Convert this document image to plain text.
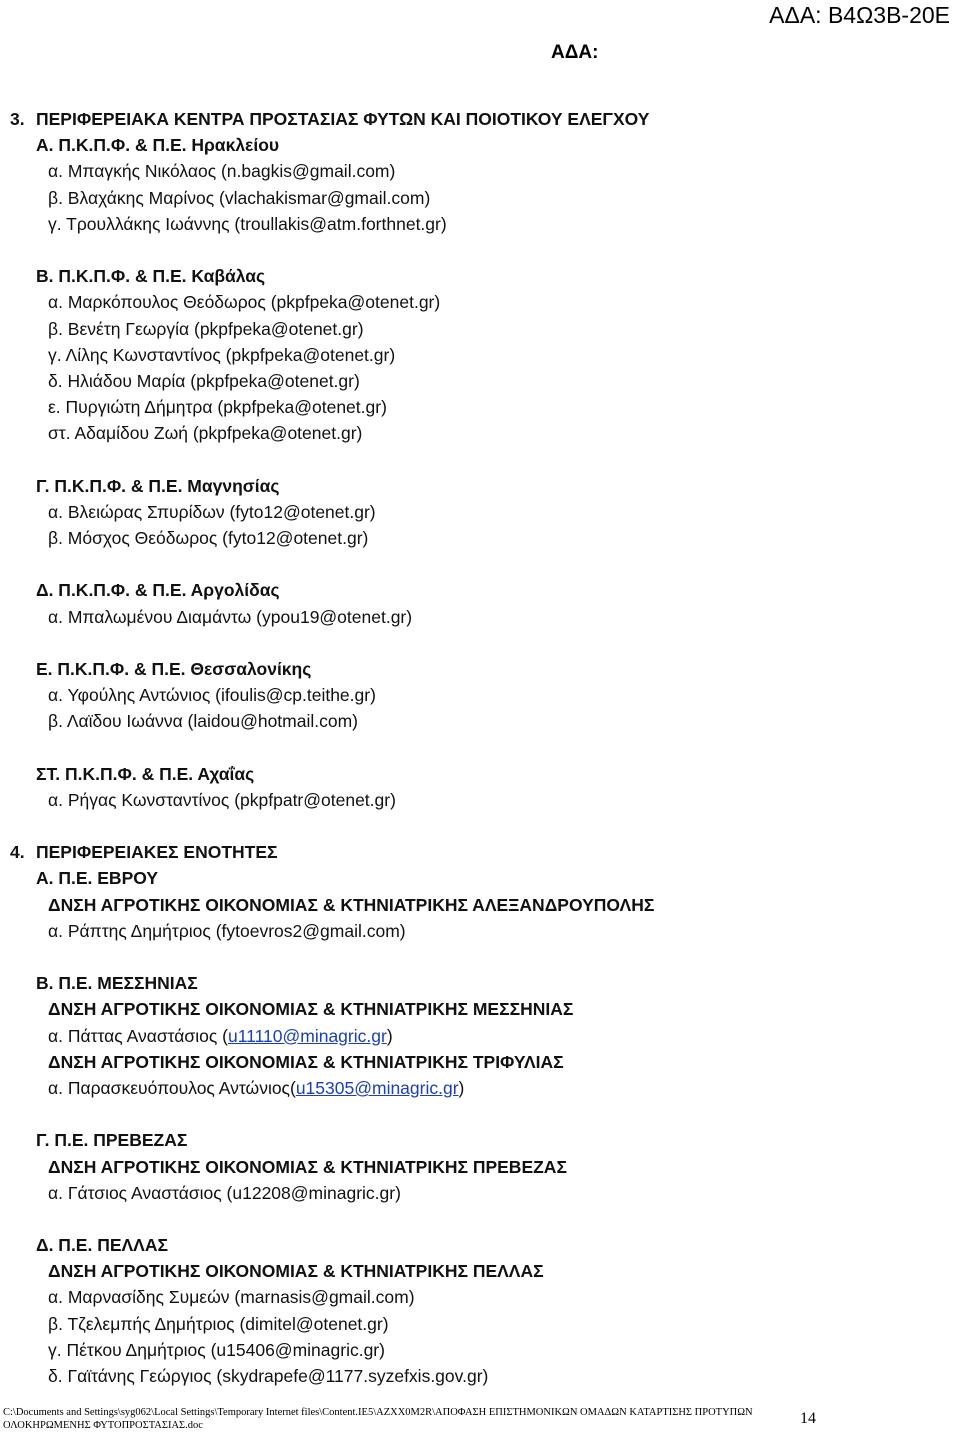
ΑΔΑ: Β4Ω3Β-20Ε
ΑΔΑ:
3. ΠΕΡΙΦΕΡΕΙΑΚΑ ΚΕΝΤΡΑ ΠΡΟΣΤΑΣΙΑΣ ΦΥΤΩΝ ΚΑΙ ΠΟΙΟΤΙΚΟΥ ΕΛΕΓΧΟΥ
Α. Π.Κ.Π.Φ. & Π.Ε. Ηρακλείου
α. Μπαγκής Νικόλαος (n.bagkis@gmail.com)
β. Βλαχάκης Μαρίνος (vlachakismar@gmail.com)
γ. Τρουλλάκης Ιωάννης (troullakis@atm.forthnet.gr)
Β. Π.Κ.Π.Φ. & Π.Ε. Καβάλας
α. Μαρκόπουλος Θεόδωρος (pkpfpeka@otenet.gr)
β. Βενέτη Γεωργία (pkpfpeka@otenet.gr)
γ. Λίλης Κωνσταντίνος (pkpfpeka@otenet.gr)
δ. Ηλιάδου Μαρία (pkpfpeka@otenet.gr)
ε. Πυργιώτη Δήμητρα (pkpfpeka@otenet.gr)
στ. Αδαμίδου Ζωή (pkpfpeka@otenet.gr)
Γ. Π.Κ.Π.Φ. & Π.Ε. Μαγνησίας
α. Βλειώρας Σπυρίδων (fyto12@otenet.gr)
β. Μόσχος Θεόδωρος (fyto12@otenet.gr)
Δ. Π.Κ.Π.Φ. & Π.Ε. Αργολίδας
α. Μπαλωμένου Διαμάντω (ypou19@otenet.gr)
Ε. Π.Κ.Π.Φ. & Π.Ε. Θεσσαλονίκης
α. Υφούλης Αντώνιος (ifoulis@cp.teithe.gr)
β. Λαϊδου Ιωάννα (laidou@hotmail.com)
ΣΤ. Π.Κ.Π.Φ. & Π.Ε. Αχαΐας
α. Ρήγας Κωνσταντίνος (pkpfpatr@otenet.gr)
4. ΠΕΡΙΦΕΡΕΙΑΚΕΣ ΕΝΟΤΗΤΕΣ
Α. Π.Ε. ΕΒΡΟΥ
ΔΝΣΗ ΑΓΡΟΤΙΚΗΣ ΟΙΚΟΝΟΜΙΑΣ & ΚΤΗΝΙΑΤΡΙΚΗΣ ΑΛΕΞΑΝΔΡΟΥΠΟΛΗΣ
α. Ράπτης Δημήτριος (fytoevros2@gmail.com)
Β. Π.Ε. ΜΕΣΣΗΝΙΑΣ
ΔΝΣΗ ΑΓΡΟΤΙΚΗΣ ΟΙΚΟΝΟΜΙΑΣ & ΚΤΗΝΙΑΤΡΙΚΗΣ ΜΕΣΣΗΝΙΑΣ
α. Πάττας Αναστάσιος (u11110@minagric.gr)
ΔΝΣΗ ΑΓΡΟΤΙΚΗΣ ΟΙΚΟΝΟΜΙΑΣ & ΚΤΗΝΙΑΤΡΙΚΗΣ ΤΡΙΦΥΛΙΑΣ
α. Παρασκευόπουλος Αντώνιος(u15305@minagric.gr)
Γ. Π.Ε. ΠΡΕΒΕΖΑΣ
ΔΝΣΗ ΑΓΡΟΤΙΚΗΣ ΟΙΚΟΝΟΜΙΑΣ & ΚΤΗΝΙΑΤΡΙΚΗΣ ΠΡΕΒΕΖΑΣ
α. Γάτσιος Αναστάσιος (u12208@minagric.gr)
Δ. Π.Ε. ΠΕΛΛΑΣ
ΔΝΣΗ ΑΓΡΟΤΙΚΗΣ ΟΙΚΟΝΟΜΙΑΣ & ΚΤΗΝΙΑΤΡΙΚΗΣ ΠΕΛΛΑΣ
α. Μαρνασίδης Συμεών (marnasis@gmail.com)
β. Τζελεμπής Δημήτριος (dimitel@otenet.gr)
γ. Πέτκου Δημήτριος (u15406@minagric.gr)
δ. Γαϊτάνης Γεώργιος (skydrapefe@1177.syzefxis.gov.gr)
C:\Documents and Settings\syg062\Local Settings\Temporary Internet files\Content.IE5\AZXX0M2R\ΑΠΟΦΑΣΗ ΕΠΙΣΤΗΜΟΝΙΚΩΝ ΟΜΑΔΩΝ ΚΑΤΑΡΤΙΣΗΣ ΠΡΟΤΥΠΩΝ
ΟΛΟΚΗΡΩΜΕΝΗΣ ΦΥΤΟΠΡΟΣΤΑΣΙΑΣ.doc	14
